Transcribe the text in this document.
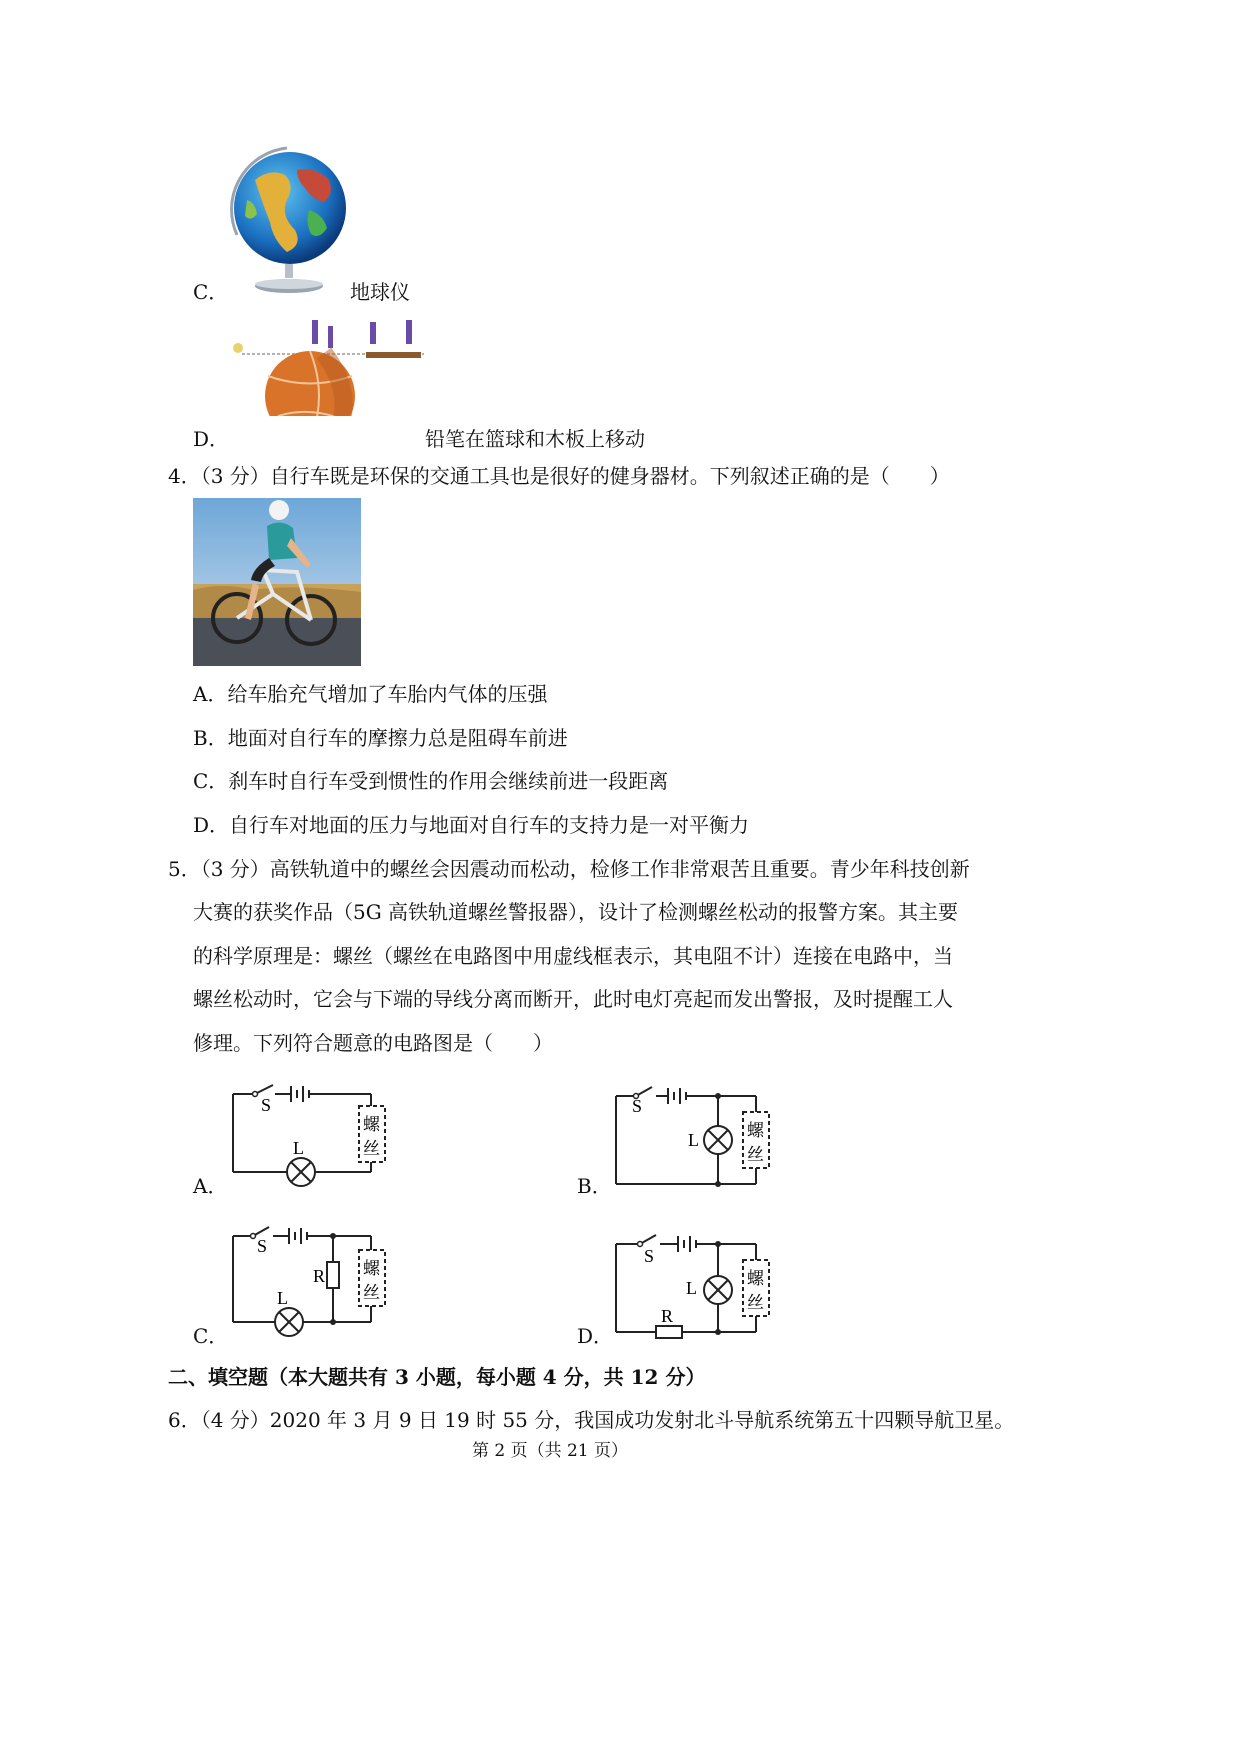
C．	地球仪
D．	铅笔在篮球和木板上移动
4．（3 分）自行车既是环保的交通工具也是很好的健身器材。下列叙述正确的是（　　）
A．给车胎充气增加了车胎内气体的压强
B．地面对自行车的摩擦力总是阻碍车前进
C．刹车时自行车受到惯性的作用会继续前进一段距离
D．自行车对地面的压力与地面对自行车的支持力是一对平衡力
5．（3 分）高铁轨道中的螺丝会因震动而松动，检修工作非常艰苦且重要。青少年科技创新
大赛的获奖作品（5G 高铁轨道螺丝警报器），设计了检测螺丝松动的报警方案。其主要
的科学原理是：螺丝（螺丝在电路图中用虚线框表示，其电阻不计）连接在电路中，当
螺丝松动时，它会与下端的导线分离而断开，此时电灯亮起而发出警报，及时提醒工人
修理。下列符合题意的电路图是（　　）
S
L
螺
丝
A．
S
L	螺
丝
B．
S
R
L
螺
丝
C．
S
L
R
螺
丝
D．
二、填空题（本大题共有 3 小题，每小题 4 分，共 12 分）
6．（4 分）2020 年 3 月 9 日 19 时 55 分，我国成功发射北斗导航系统第五十四颗导航卫星。
第 2 页（共 21 页）
